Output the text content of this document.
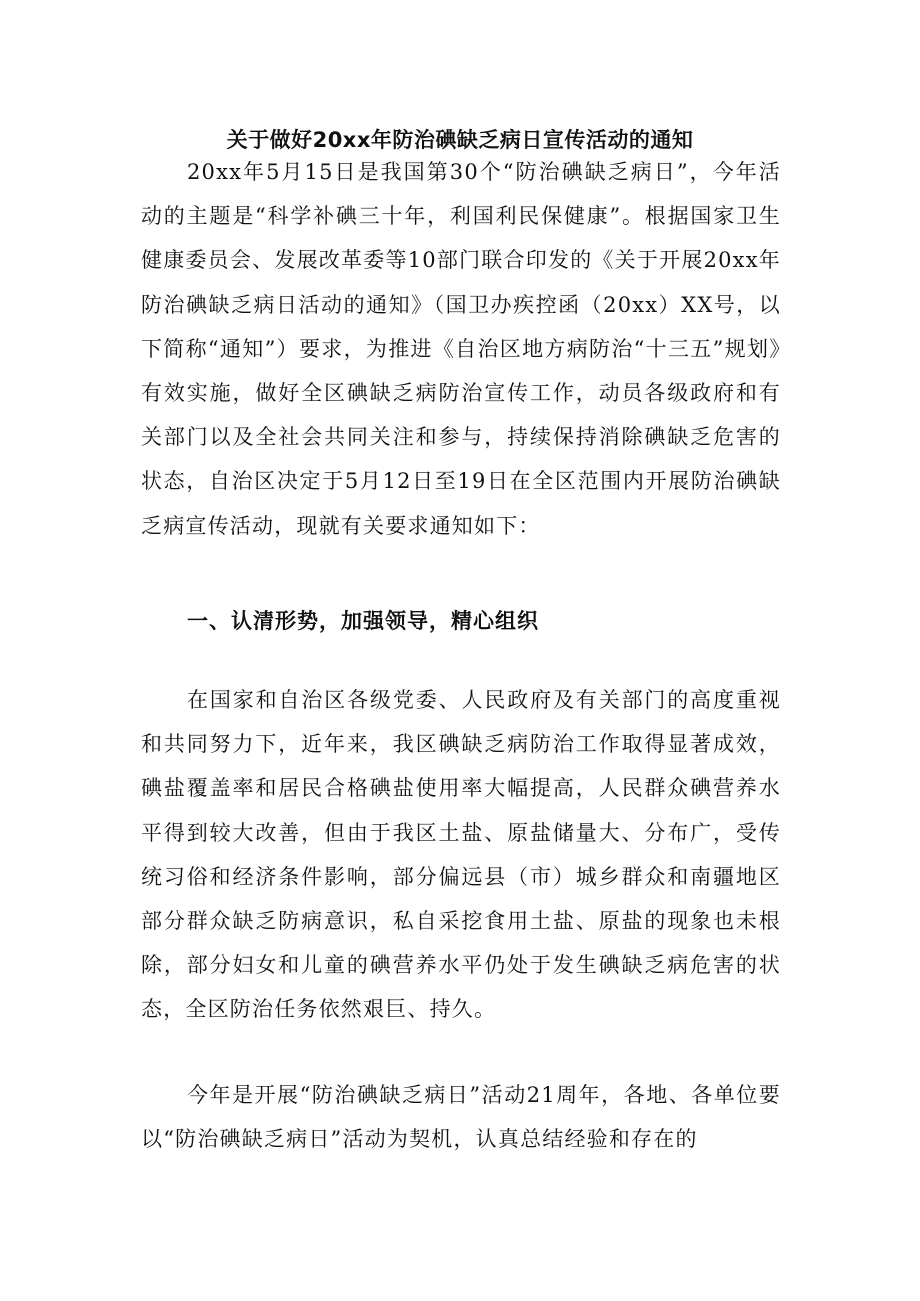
关于做好20xx年防治碘缺乏病日宣传活动的通知

20xx年5月15日是我国第30个“防治碘缺乏病日”，今年活动的主题是“科学补碘三十年，利国利民保健康”。根据国家卫生健康委员会、发展改革委等10部门联合印发的《关于开展20xx年防治碘缺乏病日活动的通知》（国卫办疾控函（20xx）XX号，以下简称“通知”）要求，为推进《自治区地方病防治“十三五”规划》有效实施，做好全区碘缺乏病防治宣传工作，动员各级政府和有关部门以及全社会共同关注和参与，持续保持消除碘缺乏危害的状态，自治区决定于5月12日至19日在全区范围内开展防治碘缺乏病宣传活动，现就有关要求通知如下：

一、认清形势，加强领导，精心组织

在国家和自治区各级党委、人民政府及有关部门的高度重视和共同努力下，近年来，我区碘缺乏病防治工作取得显著成效，碘盐覆盖率和居民合格碘盐使用率大幅提高，人民群众碘营养水平得到较大改善，但由于我区土盐、原盐储量大、分布广，受传统习俗和经济条件影响，部分偏远县（市）城乡群众和南疆地区部分群众缺乏防病意识，私自采挖食用土盐、原盐的现象也未根除，部分妇女和儿童的碘营养水平仍处于发生碘缺乏病危害的状态，全区防治任务依然艰巨、持久。

今年是开展“防治碘缺乏病日”活动21周年，各地、各单位要以“防治碘缺乏病日”活动为契机，认真总结经验和存在的
